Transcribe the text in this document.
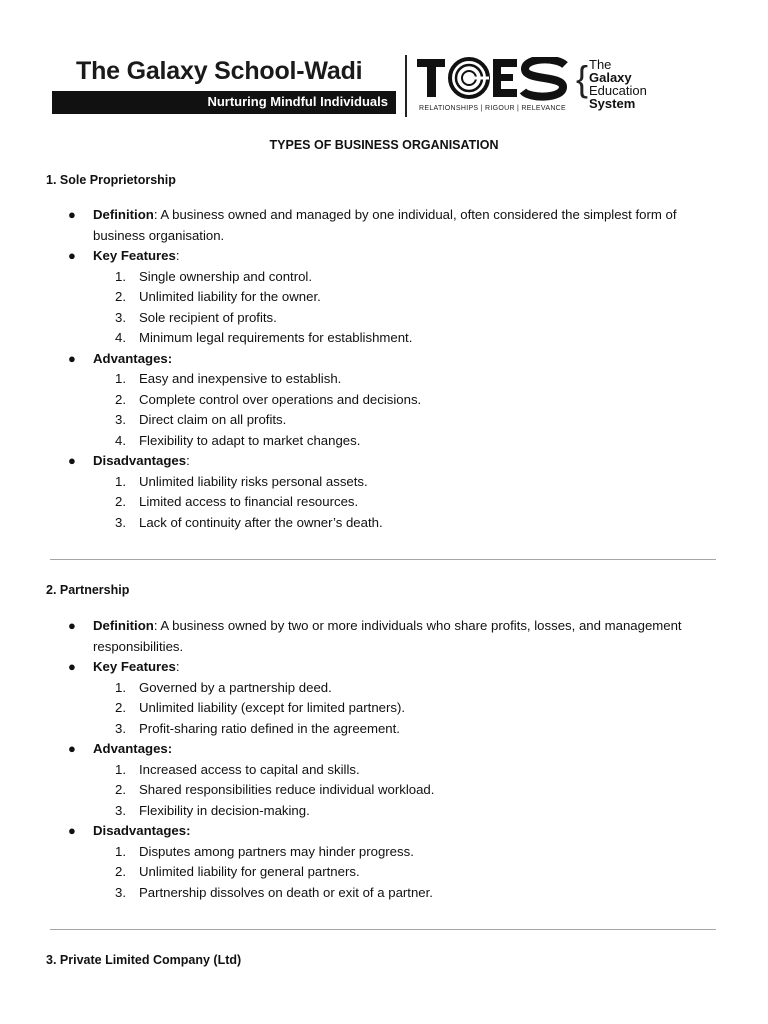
The Galaxy School-Wadi
Nurturing Mindful Individuals	RELATIONSHIPS | RIGOUR | RELEVANCE
{ The
Galaxy
Education
System
TYPES OF BUSINESS ORGANISATION
1. Sole Proprietorship
● Definition: A business owned and managed by one individual, often considered the simplest form of business organisation.
● Key Features:
1. Single ownership and control.
2. Unlimited liability for the owner.
3. Sole recipient of profits.
4. Minimum legal requirements for establishment.
● Advantages:
1. Easy and inexpensive to establish.
2. Complete control over operations and decisions.
3. Direct claim on all profits.
4. Flexibility to adapt to market changes.
● Disadvantages:
1. Unlimited liability risks personal assets.
2. Limited access to financial resources.
3. Lack of continuity after the owner’s death.
2. Partnership
● Definition: A business owned by two or more individuals who share profits, losses, and management responsibilities.
● Key Features:
1. Governed by a partnership deed.
2. Unlimited liability (except for limited partners).
3. Profit-sharing ratio defined in the agreement.
● Advantages:
1. Increased access to capital and skills.
2. Shared responsibilities reduce individual workload.
3. Flexibility in decision-making.
● Disadvantages:
1. Disputes among partners may hinder progress.
2. Unlimited liability for general partners.
3. Partnership dissolves on death or exit of a partner.
3. Private Limited Company (Ltd)
